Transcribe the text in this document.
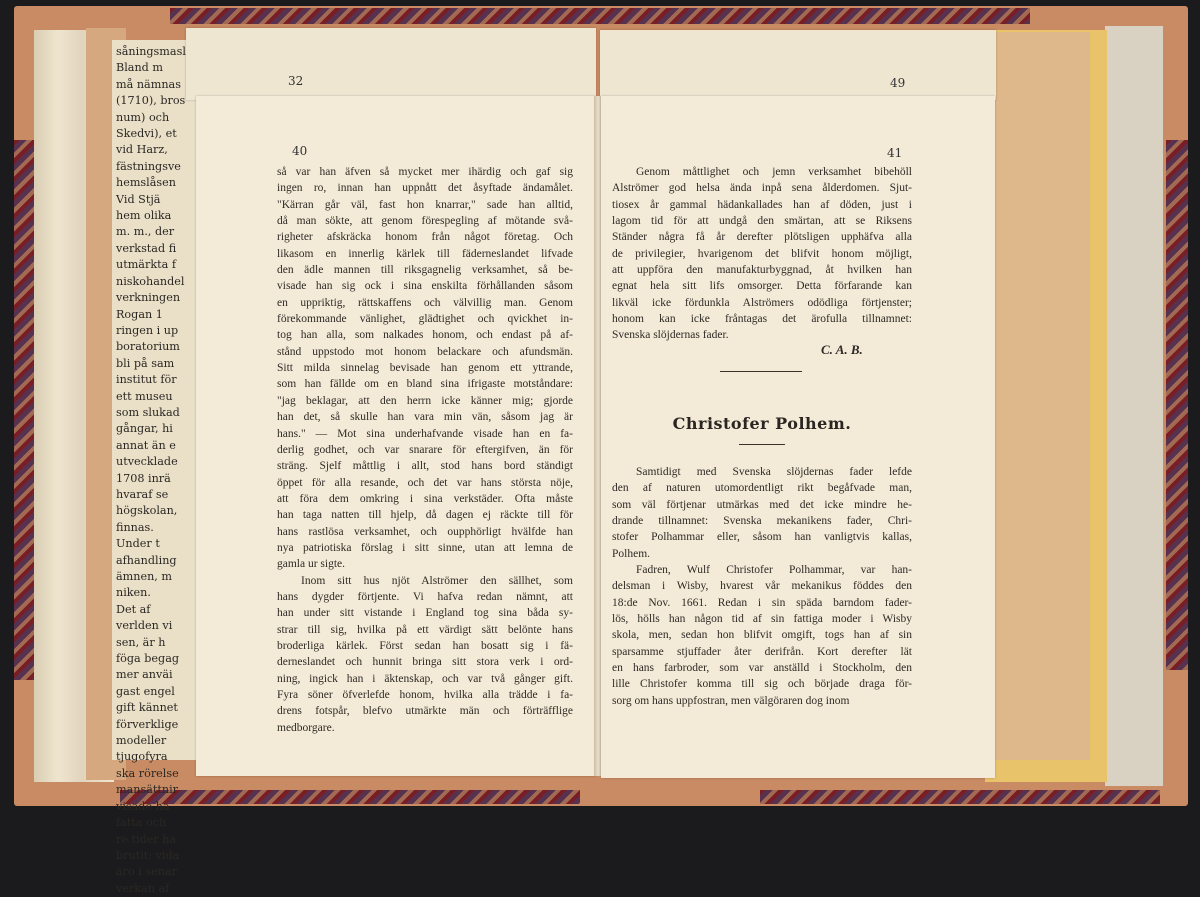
såningsmasl
Bland m
må nämnas
(1710), bros
num) och
Skedvi), et
vid Harz,
fästningsve
hemslåsen
Vid Stjä
hem olika
m. m., der
verkstad fi
utmärkta f
niskohandel
verkningen
Rogan 1
ringen i up
boratorium
bli på sam
institut för
ett museu
som slukad
gångar, hi
annat än e
utvecklade
1708 inrä
hvaraf se
högskolan,
finnas.
Under t
afhandling
ämnen, m
niken.
Det af
verlden vi
sen, är h
föga begag
mer anväi
gast engel
gift kännet
förverklige
modeller
tjugofyra
ska rörelse
mansättnir
visade ha
fatta och
re tider ha
brutit; vida
äro i senar
verkan af
32	49
40
så var han äfven så mycket mer ihärdig och gaf sig
ingen ro, innan han uppnått det åsyftade ändamålet.
"Kärran går väl, fast hon knarrar," sade han alltid,
då man sökte, att genom förespegling af mötande svå-
righeter afskräcka honom från något företag. Och
likasom en innerlig kärlek till fäderneslandet lifvade
den ädle mannen till riksgagnelig verksamhet, så be-
visade han sig ock i sina enskilta förhållanden såsom
en uppriktig, rättskaffens och välvillig man. Genom
förekommande vänlighet, glädtighet och qvickhet in-
tog han alla, som nalkades honom, och endast på af-
stånd uppstodo mot honom belackare och afundsmän.
Sitt milda sinnelag bevisade han genom ett yttrande,
som han fällde om en bland sina ifrigaste motståndare:
"jag beklagar, att den herrn icke känner mig; gjorde
han det, så skulle han vara min vän, såsom jag är
hans." — Mot sina underhafvande visade han en fa-
derlig godhet, och var snarare för eftergifven, än för
sträng. Sjelf måttlig i allt, stod hans bord ständigt
öppet för alla resande, och det var hans största nöje,
att föra dem omkring i sina verkstäder. Ofta måste
han taga natten till hjelp, då dagen ej räckte till för
hans rastlösa verksamhet, och oupphörligt hvälfde han
nya patriotiska förslag i sitt sinne, utan att lemna de
gamla ur sigte.
Inom sitt hus njöt Alströmer den sällhet, som
hans dygder förtjente. Vi hafva redan nämnt, att
han under sitt vistande i England tog sina båda sy-
strar till sig, hvilka på ett värdigt sätt belönte hans
broderliga kärlek. Först sedan han bosatt sig i fä-
derneslandet och hunnit bringa sitt stora verk i ord-
ning, ingick han i äktenskap, och var två gånger gift.
Fyra söner öfverlefde honom, hvilka alla trädde i fa-
drens fotspår, blefvo utmärkte män och förträfflige
medborgare.
41
Genom måttlighet och jemn verksamhet bibehöll
Alströmer god helsa ända inpå sena ålderdomen. Sjut-
tiosex år gammal hädankallades han af döden, just i
lagom tid för att undgå den smärtan, att se Riksens
Ständer några få år derefter plötsligen upphäfva alla
de privilegier, hvarigenom det blifvit honom möjligt,
att uppföra den manufakturbyggnad, åt hvilken han
egnat hela sitt lifs omsorger. Detta förfarande kan
likväl icke fördunkla Alströmers odödliga förtjenster;
honom kan icke fråntagas det ärofulla tillnamnet:
Svenska slöjdernas fader.
C. A. B.
Christofer Polhem.
Samtidigt med Svenska slöjdernas fader lefde
den af naturen utomordentligt rikt begåfvade man,
som väl förtjenar utmärkas med det icke mindre he-
drande tillnamnet: Svenska mekanikens fader, Chri-
stofer Polhammar eller, såsom han vanligtvis kallas,
Polhem.
Fadren, Wulf Christofer Polhammar, var han-
delsman i Wisby, hvarest vår mekanikus föddes den
18:de Nov. 1661. Redan i sin späda barndom fader-
lös, hölls han någon tid af sin fattiga moder i Wisby
skola, men, sedan hon blifvit omgift, togs han af sin
sparsamme stjuffader åter derifrån. Kort derefter lät
en hans farbroder, som var anställd i Stockholm, den
lille Christofer komma till sig och började draga för-
sorg om hans uppfostran, men välgöraren dog inom
